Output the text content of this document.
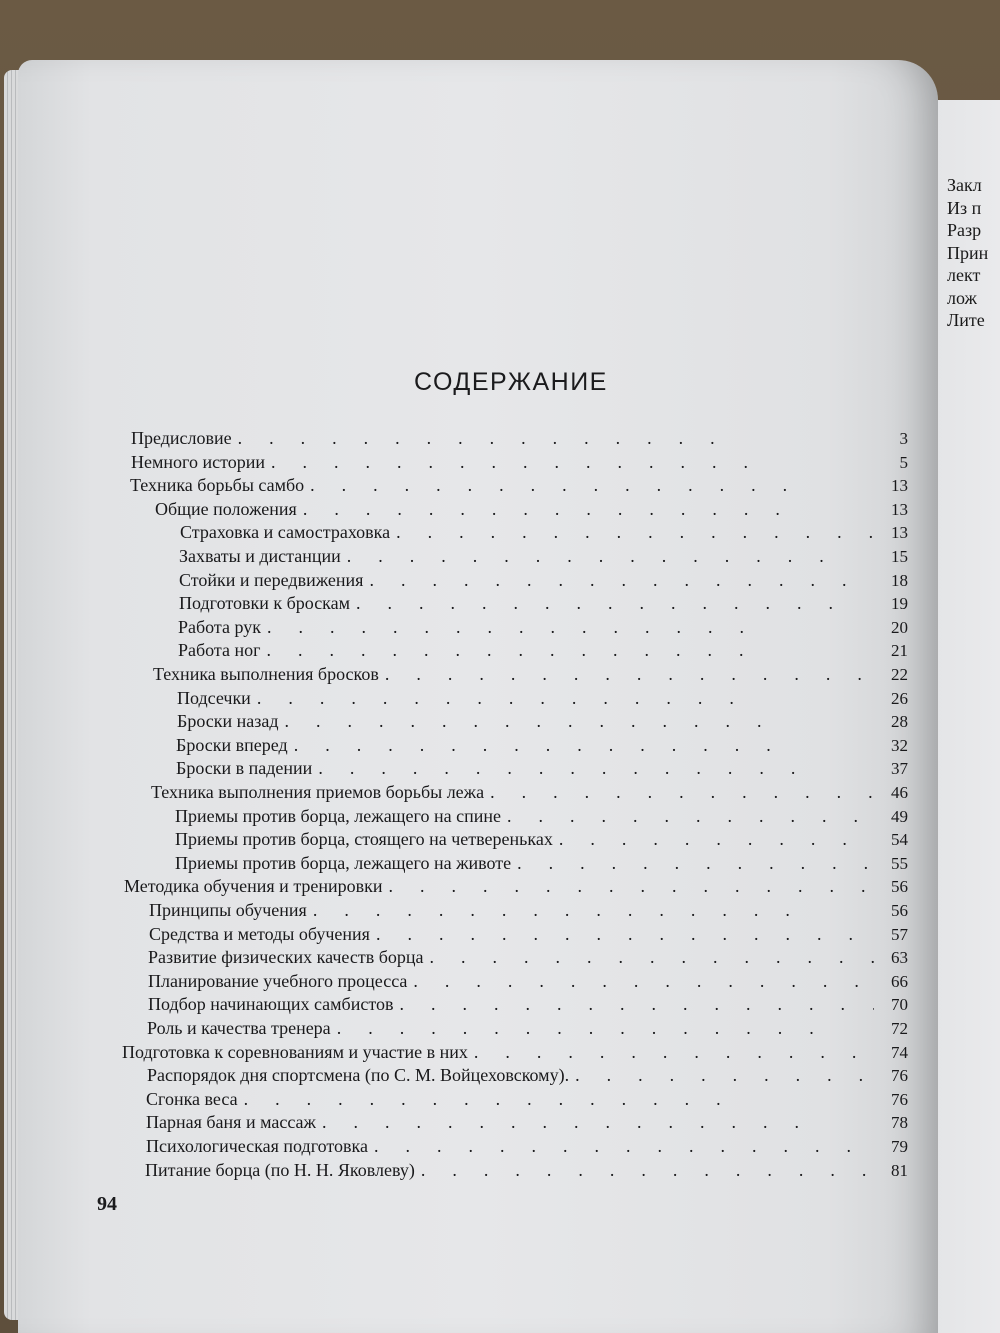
Закл
Из п
Разр
Прин
лект
лож
Лите
СОДЕРЖАНИЕ
Предисловие .	3
Немного истории .	5
Техника борьбы самбо .	13
Общие положения .	13
Страховка и самостраховка .	13
Захваты и дистанции .	15
Стойки и передвижения .	18
Подготовки к броскам .	19
Работа рук .	20
Работа ног .	21
Техника выполнения бросков .	22
Подсечки .	26
Броски назад .	28
Броски вперед .	32
Броски в падении .	37
Техника выполнения приемов борьбы лежа .	46
Приемы против борца, лежащего на спине .	49
Приемы против борца, стоящего на четвереньках .	54
Приемы против борца, лежащего на животе .	55
Методика обучения и тренировки .	56
Принципы обучения .	56
Средства и методы обучения .	57
Развитие физических качеств борца .	63
Планирование учебного процесса .	66
Подбор начинающих самбистов .	70
Роль и качества тренера .	72
Подготовка к соревнованиям и участие в них .	74
Распорядок дня спортсмена (по С. М. Войцеховскому). .	76
Сгонка веса .	76
Парная баня и массаж .	78
Психологическая подготовка .	79
Питание борца (по Н. Н. Яковлеву) .	81
94
